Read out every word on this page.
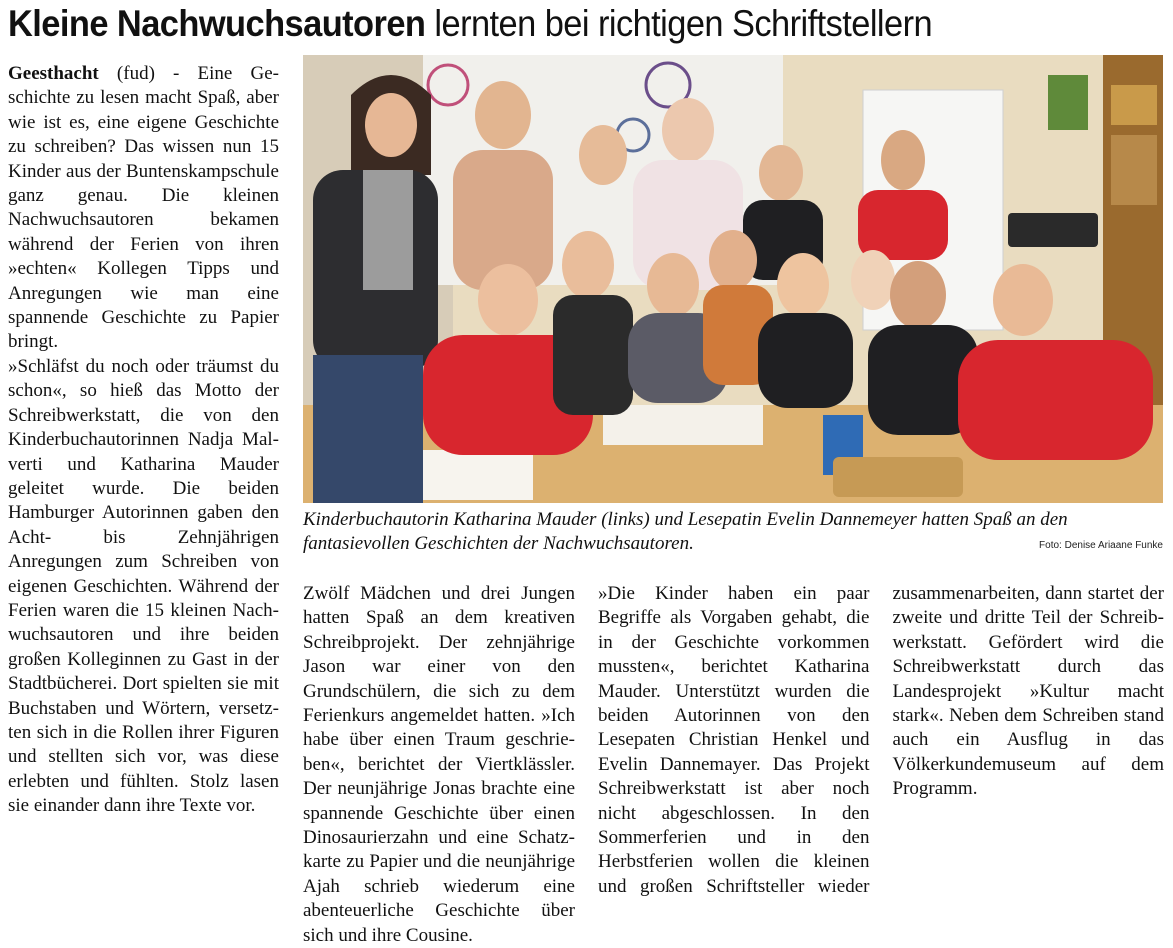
Kleine Nachwuchsautoren lernten bei richtigen Schriftstellern

Geesthacht (fud) - Eine Geschichte zu lesen macht Spaß, aber wie ist es, eine eigene Geschichte zu schreiben? Das wissen nun 15 Kinder aus der Buntenskampschule ganz genau. Die kleinen Nachwuchsautoren bekamen während der Ferien von ihren »echten« Kollegen Tipps und Anregungen wie man eine spannende Geschichte zu Papier bringt.

»Schläfst du noch oder träumst du schon«, so hieß das Motto der Schreibwerkstatt, die von den Kinderbuchautorinnen Nadja Malverti und Katharina Mauder geleitet wurde. Die beiden Hamburger Autorinnen gaben den Acht- bis Zehnjährigen Anregungen zum Schreiben von eigenen Geschichten. Während der Ferien waren die 15 kleinen Nachwuchsautoren und ihre beiden großen Kolleginnen zu Gast in der Stadtbücherei. Dort spielten sie mit Buchstaben und Wörtern, versetzten sich in die Rollen ihrer Figuren und stellten sich vor, was diese erlebten und fühlten. Stolz lasen sie einander dann ihre Texte vor.

Kinderbuchautorin Katharina Mauder (links) und Lesepatin Evelin Dannemeyer hatten Spaß an den fantasievollen Geschichten der Nachwuchsautoren.	Foto: Denise Ariaane Funke

Zwölf Mädchen und drei Jungen hatten Spaß an dem kreativen Schreibprojekt. Der zehnjährige Jason war einer von den Grundschülern, die sich zu dem Ferienkurs angemeldet hatten. »Ich habe über einen Traum geschrieben«, berichtet der Viertklässler. Der neunjährige Jonas brachte eine spannende Geschichte über einen Dinosaurierzahn und eine Schatzkarte zu Papier und die neunjährige Ajah schrieb wiederum eine abenteuerliche Geschichte über sich und ihre Cousine.

»Die Kinder haben ein paar Begriffe als Vorgaben gehabt, die in der Geschichte vorkommen mussten«, berichtet Katharina Mauder. Unterstützt wurden die beiden Autorinnen von den Lesepaten Christian Henkel und Evelin Dannemayer. Das Projekt Schreibwerkstatt ist aber noch nicht abgeschlossen. In den Sommerferien und in den Herbstferien wollen die kleinen und großen Schriftsteller wieder zusammenarbeiten, dann startet der zweite und dritte Teil der Schreibwerkstatt. Gefördert wird die Schreibwerkstatt durch das Landesprojekt »Kultur macht stark«. Neben dem Schreiben stand auch ein Ausflug in das Völkerkundemuseum auf dem Programm.
